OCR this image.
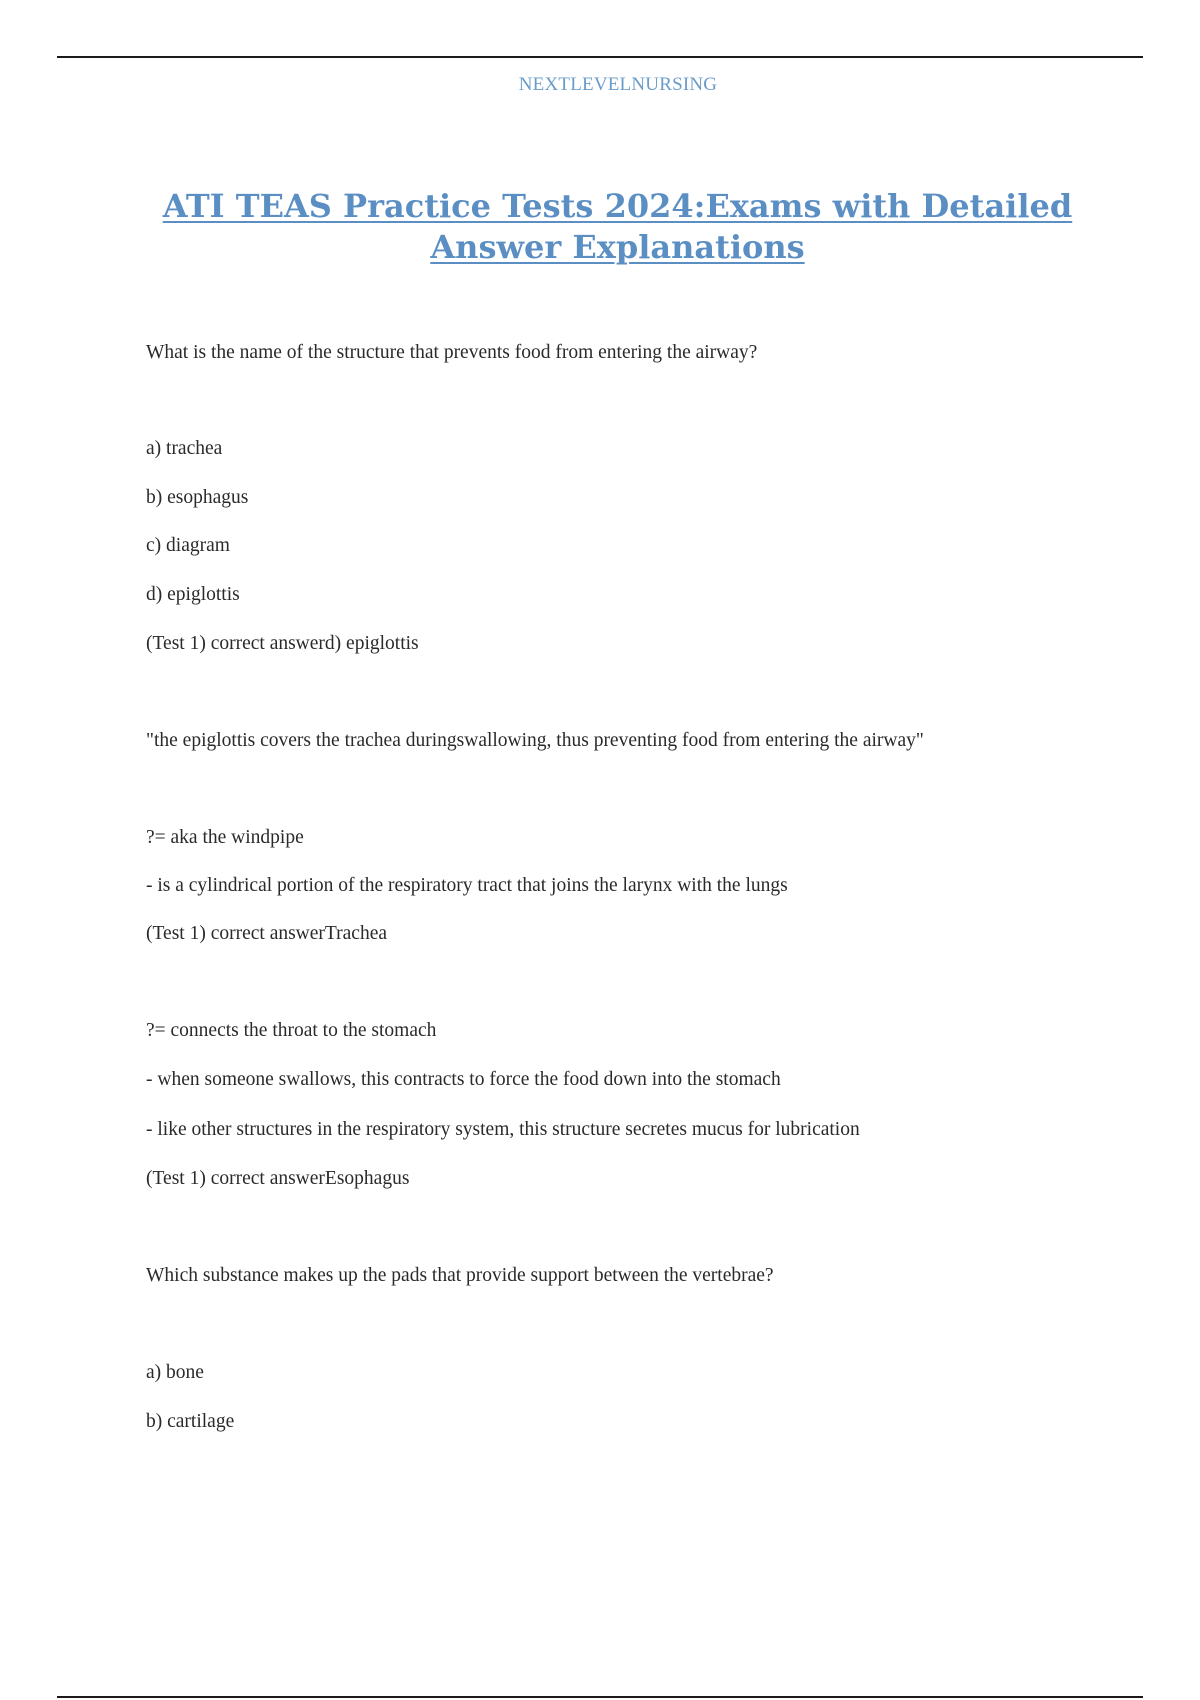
NEXTLEVELNURSING
ATI TEAS Practice Tests 2024:Exams with Detailed
Answer Explanations
What is the name of the structure that prevents food from entering the airway?
a) trachea
b) esophagus
c) diagram
d) epiglottis
(Test 1) correct answerd) epiglottis
"the epiglottis covers the trachea duringswallowing, thus preventing food from entering the airway"
?= aka the windpipe
- is a cylindrical portion of the respiratory tract that joins the larynx with the lungs
(Test 1) correct answerTrachea
?= connects the throat to the stomach
- when someone swallows, this contracts to force the food down into the stomach
- like other structures in the respiratory system, this structure secretes mucus for lubrication
(Test 1) correct answerEsophagus
Which substance makes up the pads that provide support between the vertebrae?
a) bone
b) cartilage
